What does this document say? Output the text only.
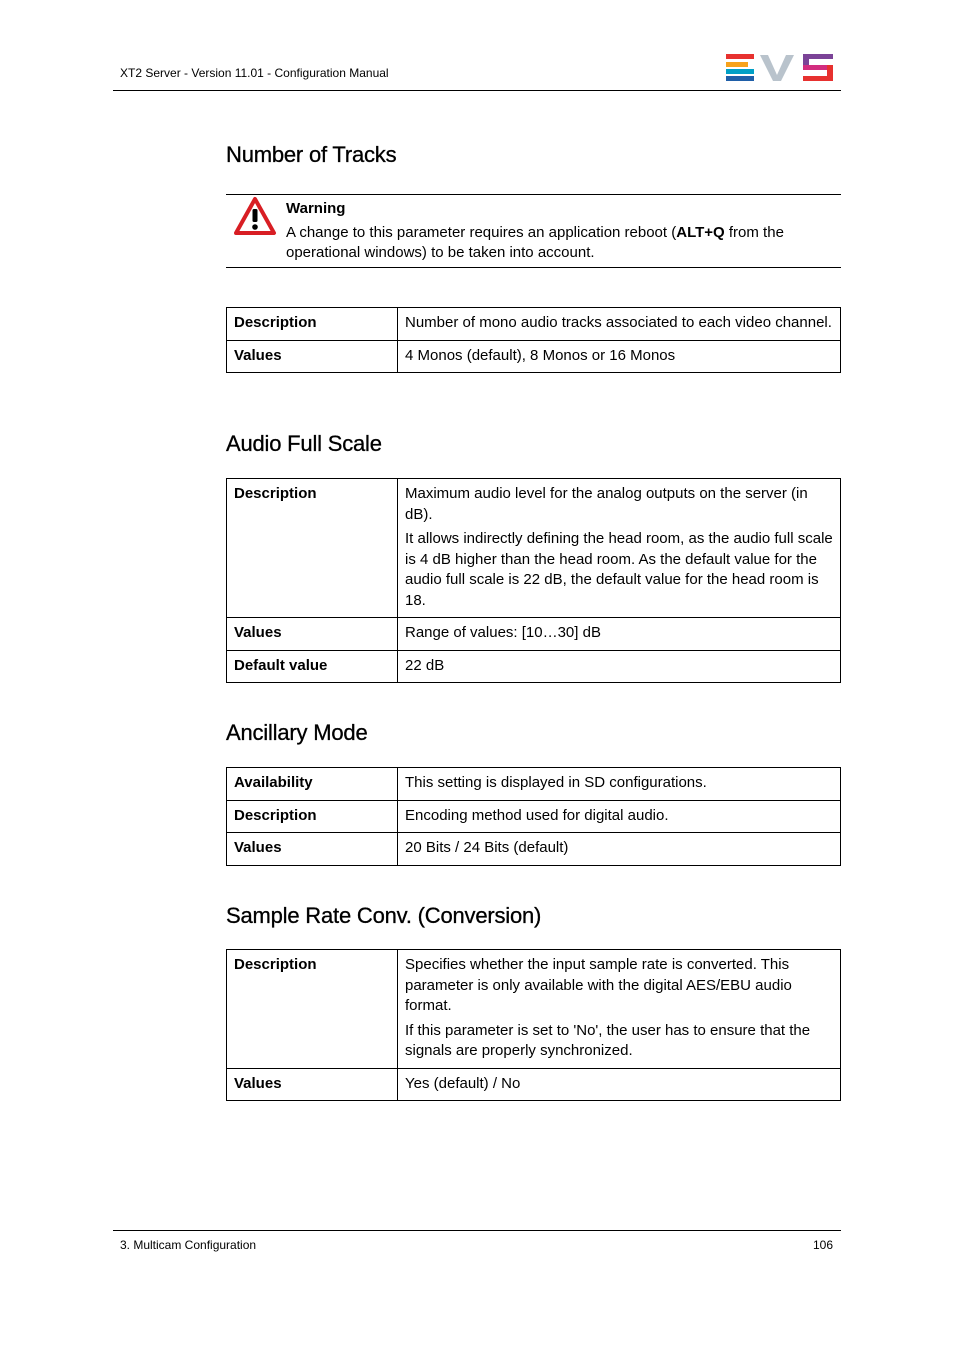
XT2 Server - Version 11.01 - Configuration Manual
Number of Tracks
Warning
A change to this parameter requires an application reboot (ALT+Q from the operational windows) to be taken into account.
Description	Number of mono audio tracks associated to each video channel.
Values	4 Monos (default), 8 Monos or 16 Monos
Audio Full Scale
Description	Maximum audio level for the analog outputs on the server (in dB).

It allows indirectly defining the head room, as the audio full scale is 4 dB higher than the head room. As the default value for the audio full scale is 22 dB, the default value for the head room is 18.

Values	Range of values: [10…30] dB
Default value	22 dB
Ancillary Mode
Availability	This setting is displayed in SD configurations.
Description	Encoding method used for digital audio.
Values	20 Bits / 24 Bits (default)
Sample Rate Conv. (Conversion)
Description	Specifies whether the input sample rate is converted. This parameter is only available with the digital AES/EBU audio format.

If this parameter is set to 'No', the user has to ensure that the signals are properly synchronized.

Values	Yes (default) / No
3. Multicam Configuration	106
